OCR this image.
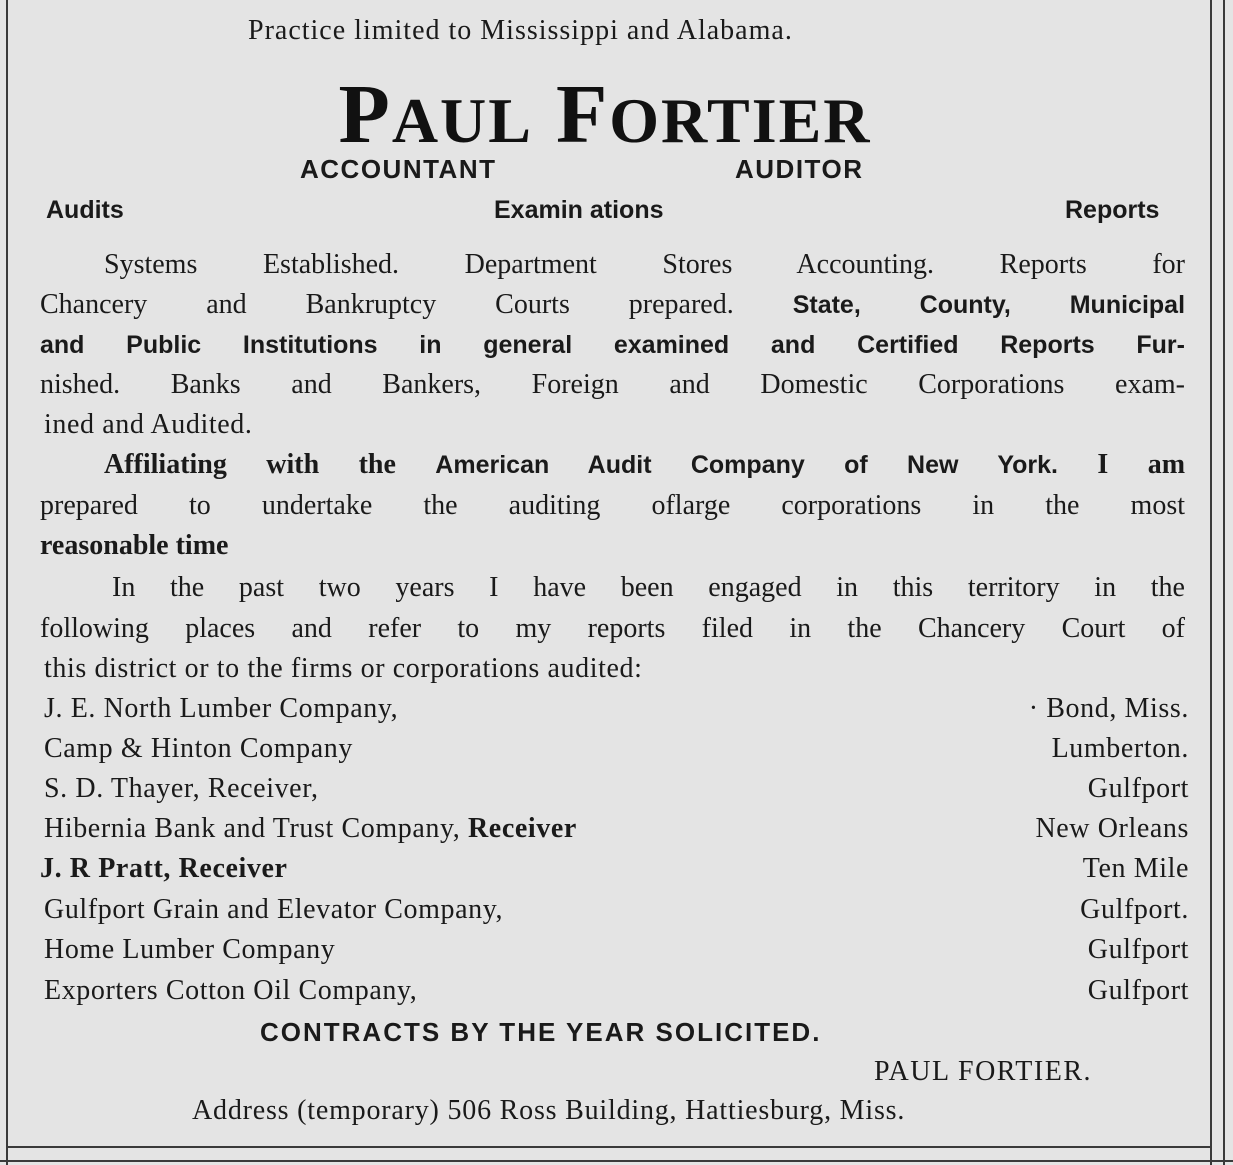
Practice limited to Mississippi and Alabama.
PAUL FORTIER
ACCOUNTANT	AUDITOR
Audits	Examin ations	Reports
Systems Established. Department Stores Accounting. Reports for
Chancery and Bankruptcy Courts prepared. State, County, Municipal
and Public Institutions in general examined and Certified Reports Fur-
nished. Banks and Bankers, Foreign and Domestic Corporations exam-
ined and Audited.
Affiliating with the American Audit Company of New York. I am
prepared to undertake the auditing oflarge corporations in the most
reasonable time
In the past two years I have been engaged in this territory in the
following places and refer to my reports filed in the Chancery Court of
this district or to the firms or corporations audited:
J. E. North Lumber Company,	· Bond, Miss.
Camp & Hinton Company	Lumberton.
S. D. Thayer, Receiver,	Gulfport
Hibernia Bank and Trust Company, Receiver	New Orleans
J. R Pratt, Receiver	Ten Mile
Gulfport Grain and Elevator Company,	Gulfport.
Home Lumber Company	Gulfport
Exporters Cotton Oil Company,	Gulfport
CONTRACTS BY THE YEAR SOLICITED.
PAUL FORTIER.
Address (temporary) 506 Ross Building, Hattiesburg, Miss.
